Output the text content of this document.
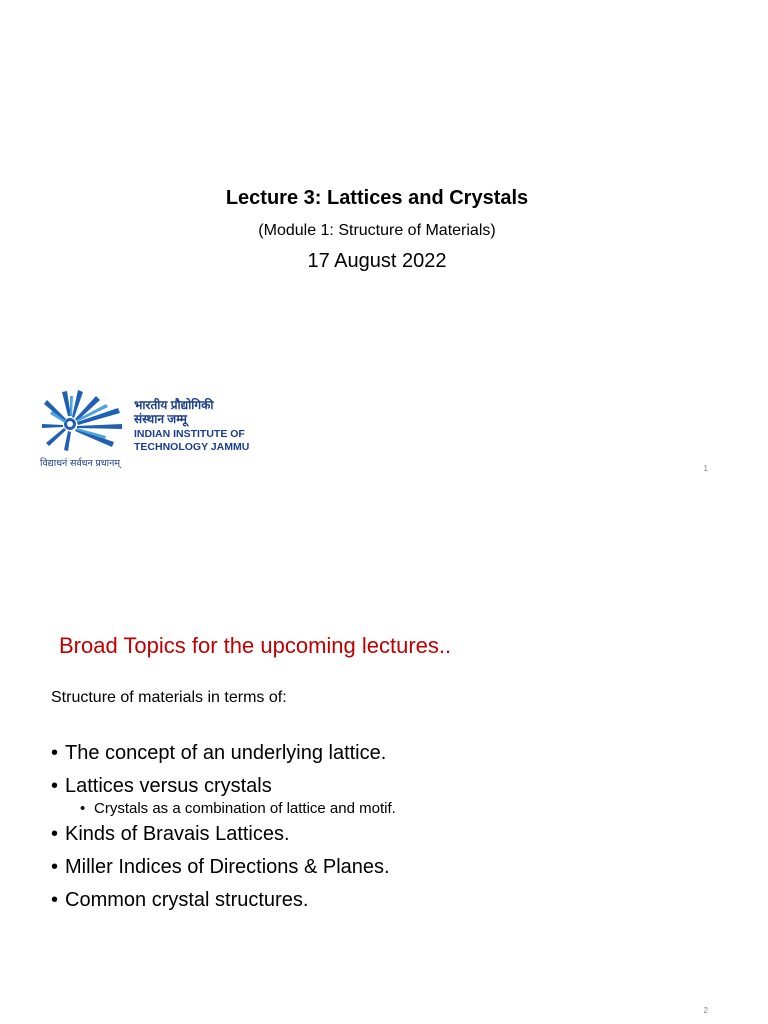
Lecture 3: Lattices and Crystals
(Module 1: Structure of Materials)
17 August 2022
भारतीय प्रौद्योगिकी
संस्थान जम्मू
INDIAN INSTITUTE OF
TECHNOLOGY JAMMU
विद्याधनं सर्वधन प्रधानम्	1
Broad Topics for the upcoming lectures..
Structure of materials in terms of:
• The concept of an underlying lattice.
• Lattices versus crystals
• Crystals as a combination of lattice and motif.
• Kinds of Bravais Lattices.
• Miller Indices of Directions & Planes.
• Common crystal structures.
2
